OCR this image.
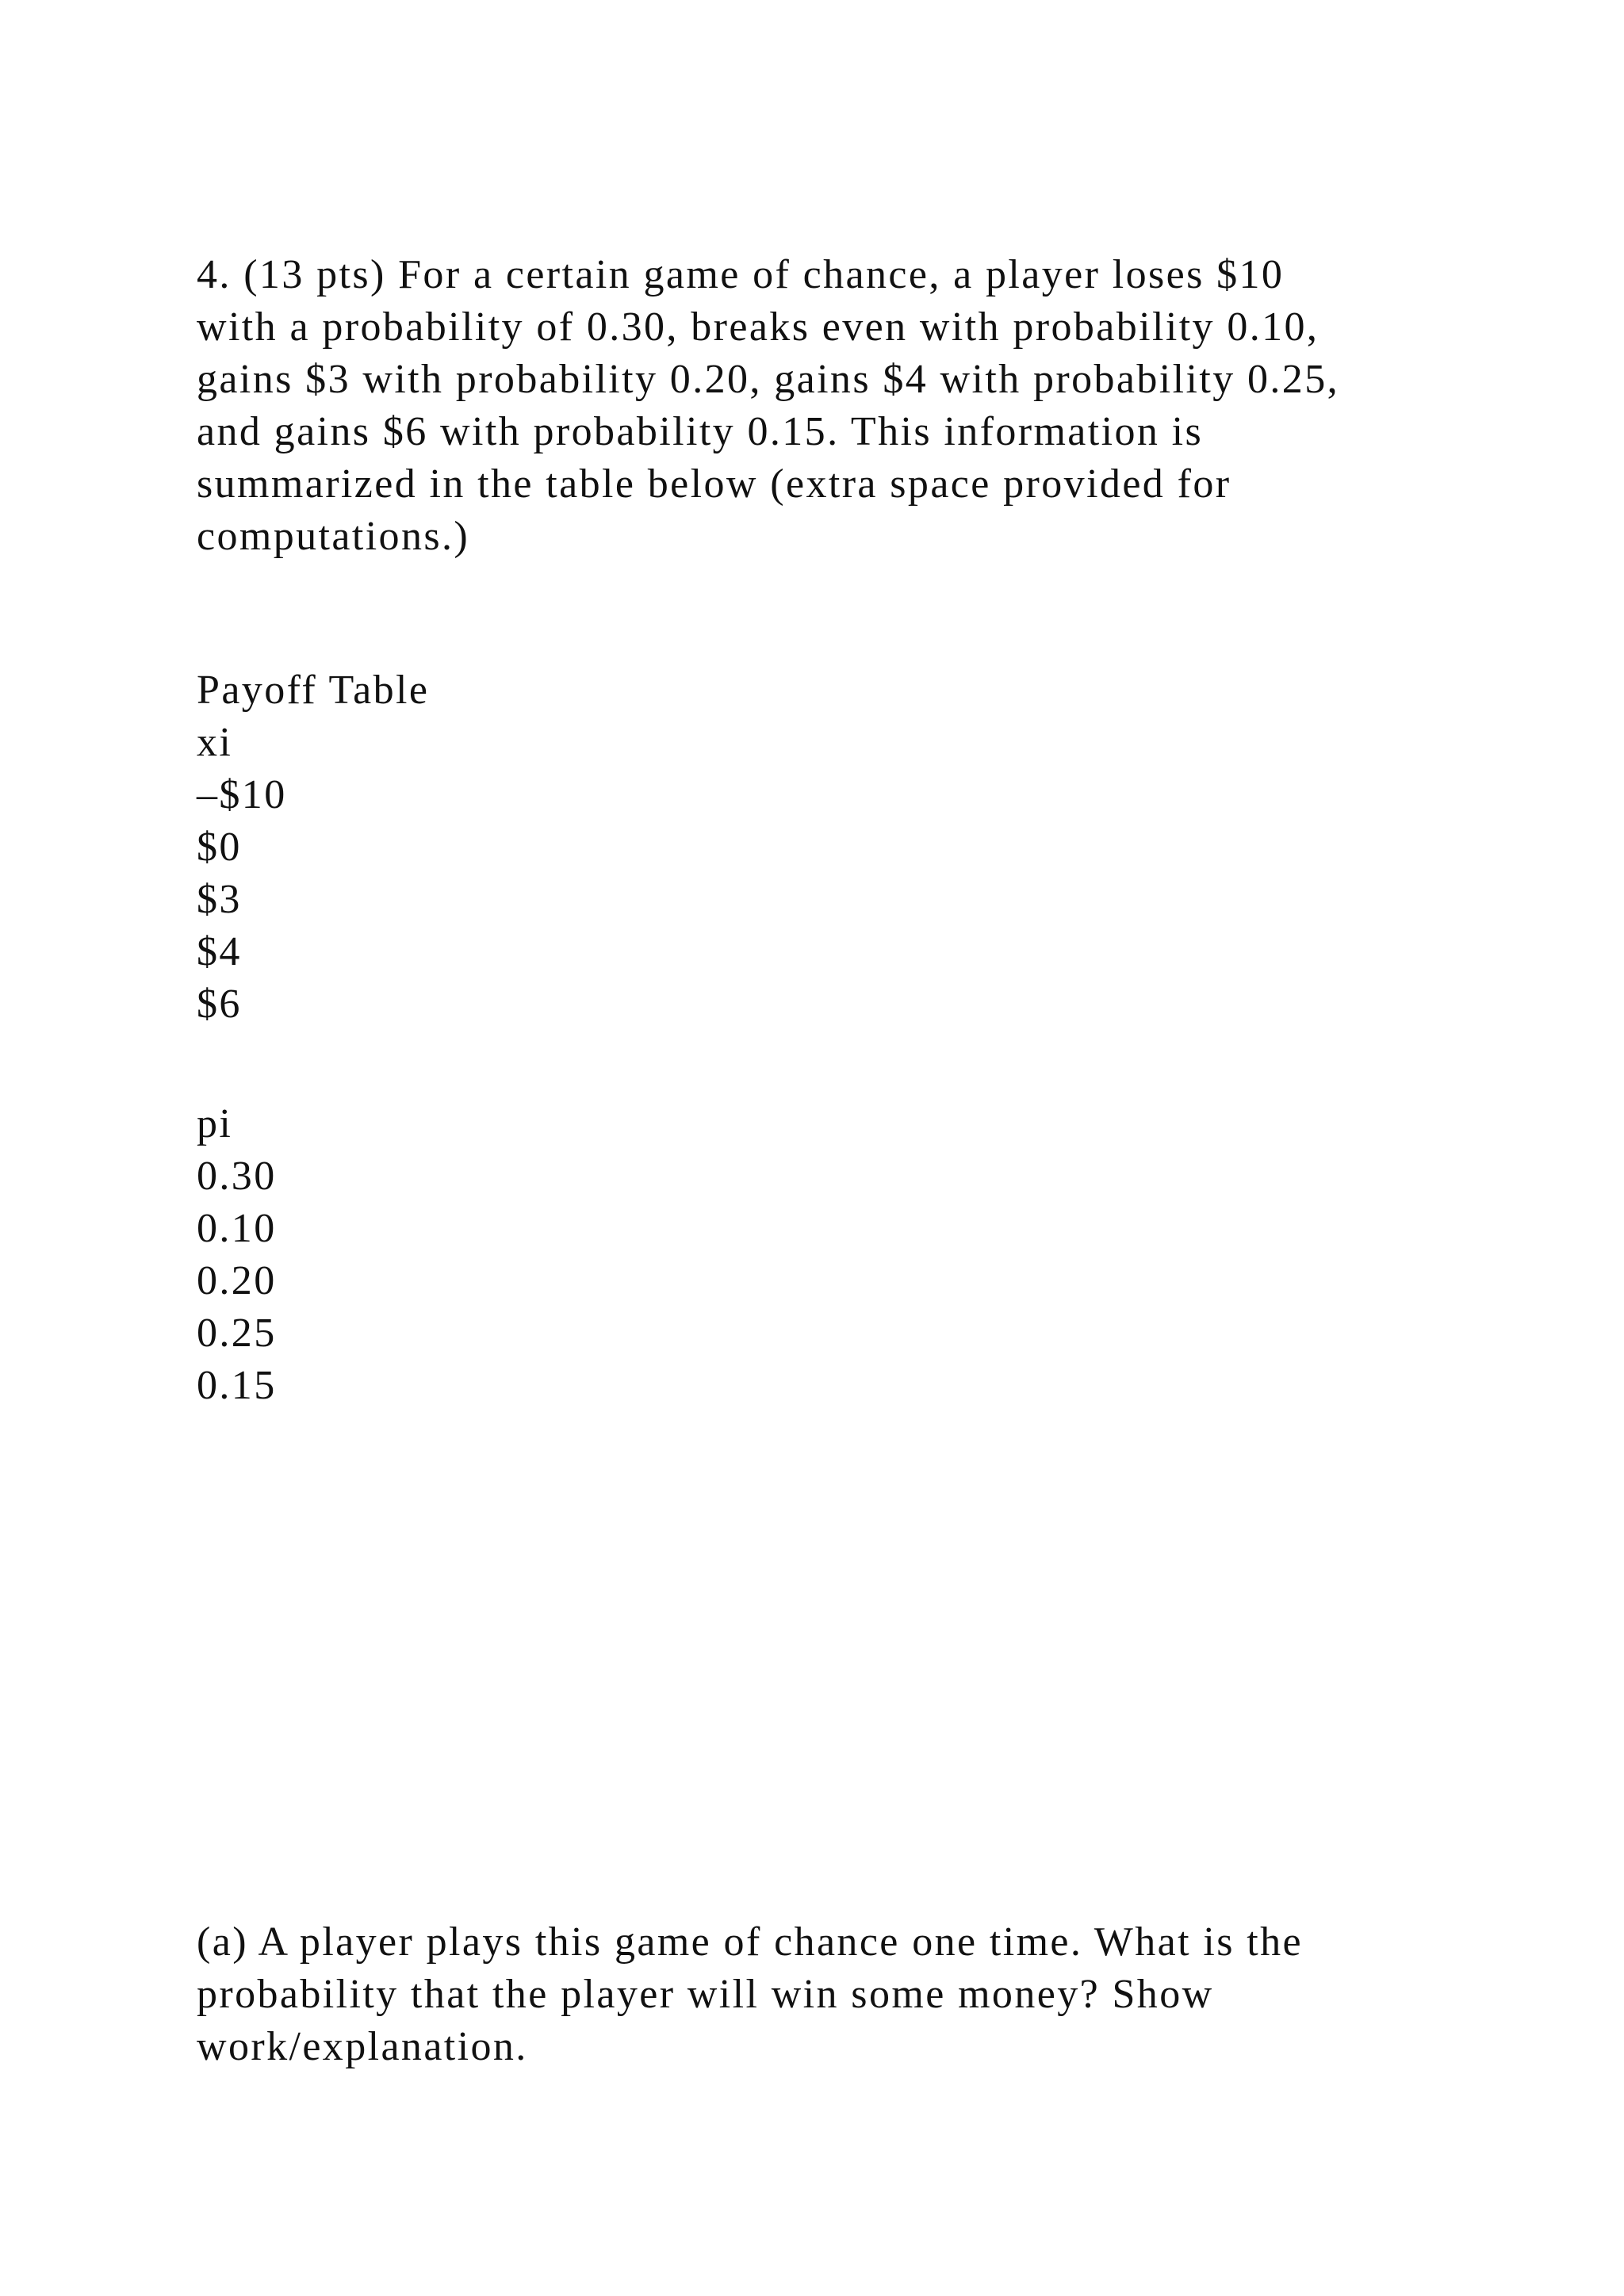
4. (13 pts) For a certain game of chance, a player loses $10
with a probability of 0.30, breaks even with probability 0.10,
gains $3 with probability 0.20, gains $4 with probability 0.25,
and gains $6 with probability 0.15. This information is
summarized in the table below (extra space provided for
computations.)
Payoff Table
xi
–$10
$0
$3
$4
$6
pi
0.30
0.10
0.20
0.25
0.15
(a) A player plays this game of chance one time. What is the
probability that the player will win some money? Show
work/explanation.
